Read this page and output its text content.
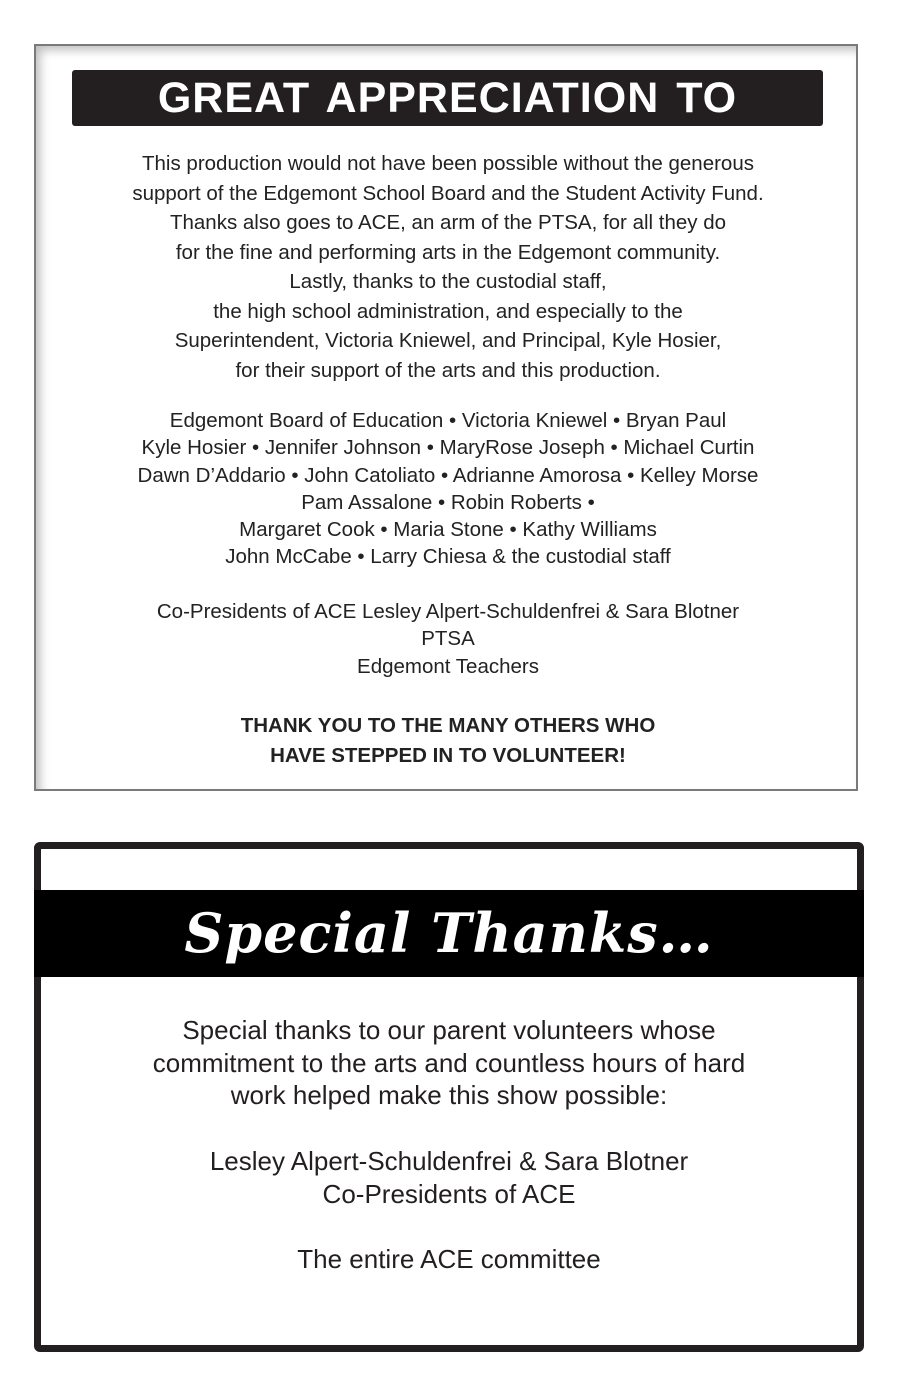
GREAT APPRECIATION TO
This production would not have been possible without the generous
support of the Edgemont School Board and the Student Activity Fund.
Thanks also goes to ACE, an arm of the PTSA, for all they do
for the fine and performing arts in the Edgemont community.
Lastly, thanks to the custodial staff,
the high school administration, and especially to the
Superintendent, Victoria Kniewel, and Principal, Kyle Hosier,
for their support of the arts and this production.
Edgemont Board of Education • Victoria Kniewel • Bryan Paul
Kyle Hosier • Jennifer Johnson • MaryRose Joseph • Michael Curtin
Dawn D’Addario • John Catoliato • Adrianne Amorosa • Kelley Morse
Pam Assalone • Robin Roberts •
Margaret Cook • Maria Stone • Kathy Williams
John McCabe • Larry Chiesa & the custodial staff
Co-Presidents of ACE Lesley Alpert-Schuldenfrei & Sara Blotner
PTSA
Edgemont Teachers
THANK YOU TO THE MANY OTHERS WHO
HAVE STEPPED IN TO VOLUNTEER!
Special Thanks…
Special thanks to our parent volunteers whose
commitment to the arts and countless hours of hard
work helped make this show possible:
Lesley Alpert-Schuldenfrei & Sara Blotner
Co-Presidents of ACE
The entire ACE committee
